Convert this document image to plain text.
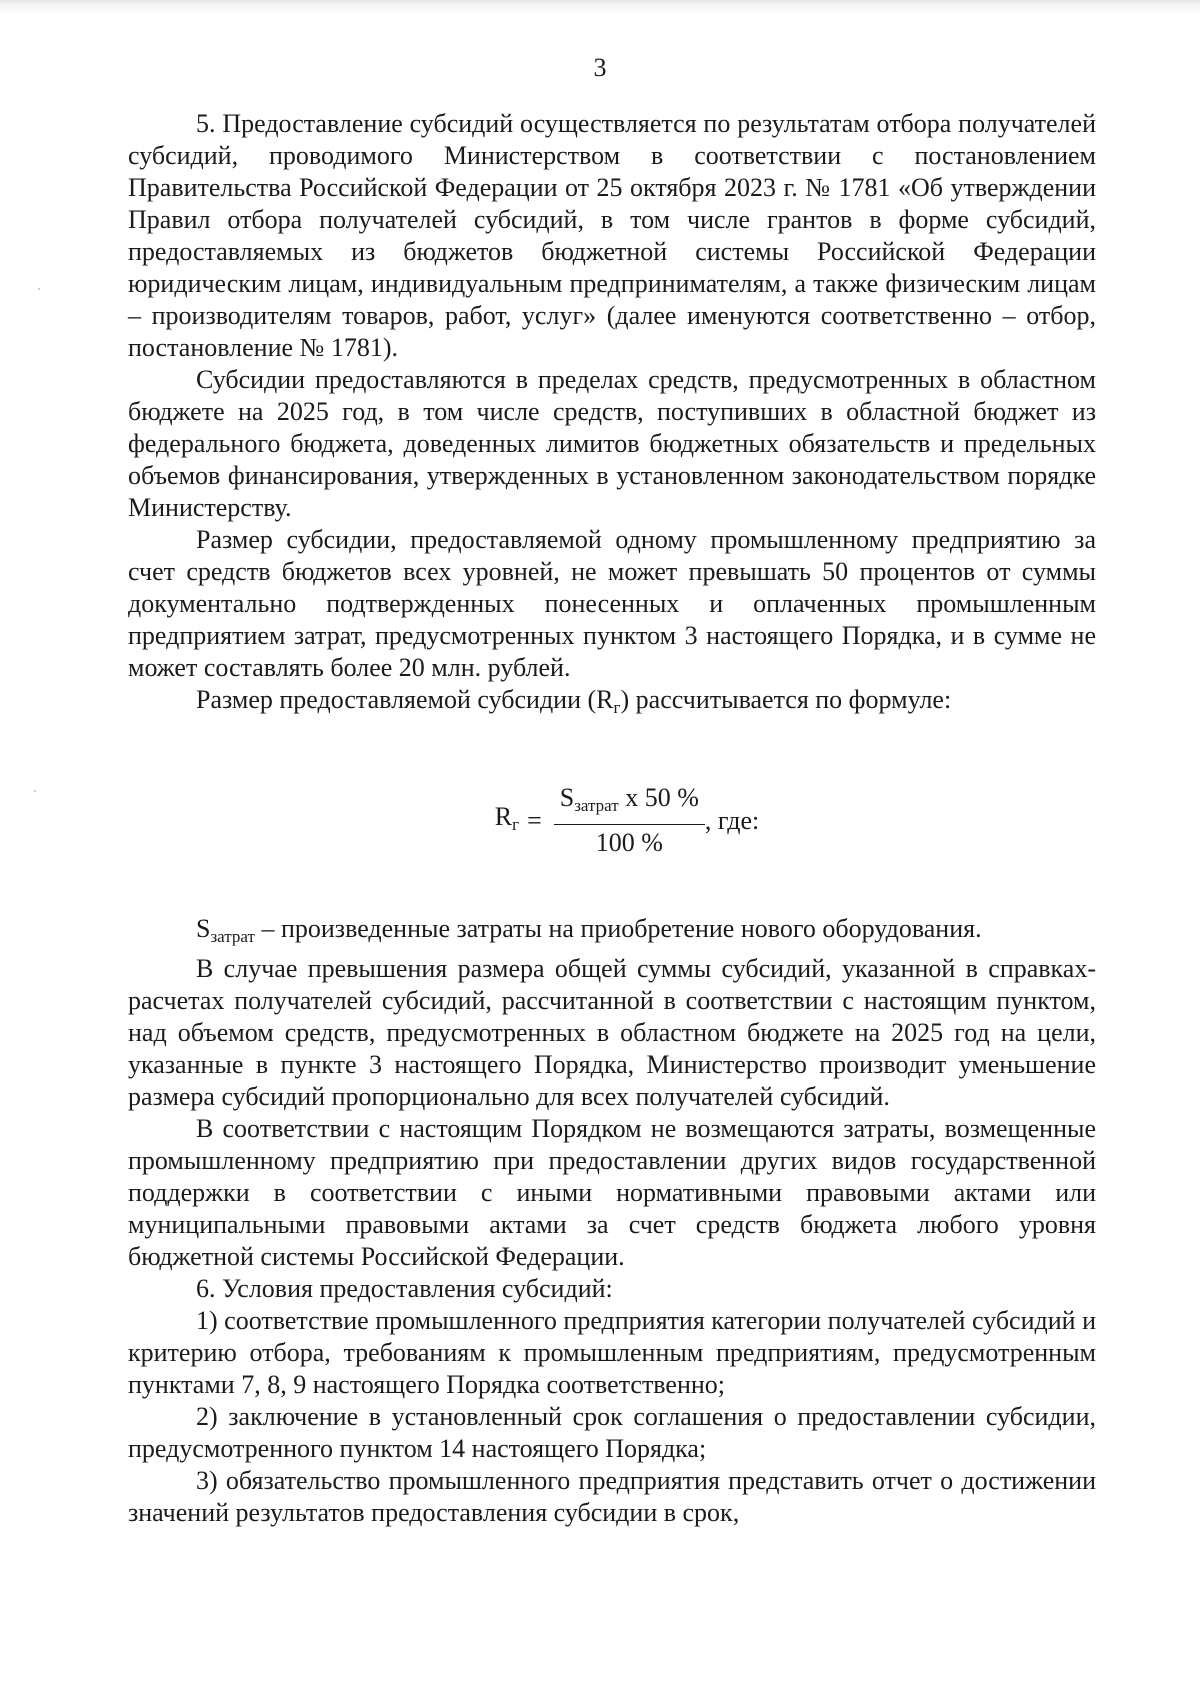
3

5. Предоставление субсидий осуществляется по результатам отбора получателей субсидий, проводимого Министерством в соответствии с постановлением Правительства Российской Федерации от 25 октября 2023 г. № 1781 «Об утверждении Правил отбора получателей субсидий, в том числе грантов в форме субсидий, предоставляемых из бюджетов бюджетной системы Российской Федерации юридическим лицам, индивидуальным предпринимателям, а также физическим лицам – производителям товаров, работ, услуг» (далее именуются соответственно – отбор, постановление № 1781).

Субсидии предоставляются в пределах средств, предусмотренных в областном бюджете на 2025 год, в том числе средств, поступивших в областной бюджет из федерального бюджета, доведенных лимитов бюджетных обязательств и предельных объемов финансирования, утвержденных в установленном законодательством порядке Министерству.

Размер субсидии, предоставляемой одному промышленному предприятию за счет средств бюджетов всех уровней, не может превышать 50 процентов от суммы документально подтвержденных понесенных и оплаченных промышленным предприятием затрат, предусмотренных пунктом 3 настоящего Порядка, и в сумме не может составлять более 20 млн. рублей.

Размер предоставляемой субсидии $(R_г)$ рассчитывается по формуле:

$R_г = \frac{S_{затрат} х 50 \%}{100 \%}$ , где:

$S_{затрат}$ – произведенные затраты на приобретение нового оборудования.

В случае превышения размера общей суммы субсидий, указанной в справках-расчетах получателей субсидий, рассчитанной в соответствии с настоящим пунктом, над объемом средств, предусмотренных в областном бюджете на 2025 год на цели, указанные в пункте 3 настоящего Порядка, Министерство производит уменьшение размера субсидий пропорционально для всех получателей субсидий.

В соответствии с настоящим Порядком не возмещаются затраты, возмещенные промышленному предприятию при предоставлении других видов государственной поддержки в соответствии с иными нормативными правовыми актами или муниципальными правовыми актами за счет средств бюджета любого уровня бюджетной системы Российской Федерации.

6. Условия предоставления субсидий:

1) соответствие промышленного предприятия категории получателей субсидий и критерию отбора, требованиям к промышленным предприятиям, предусмотренным пунктами 7, 8, 9 настоящего Порядка соответственно;

2) заключение в установленный срок соглашения о предоставлении субсидии, предусмотренного пунктом 14 настоящего Порядка;

3) обязательство промышленного предприятия представить отчет о достижении значений результатов предоставления субсидии в срок,
